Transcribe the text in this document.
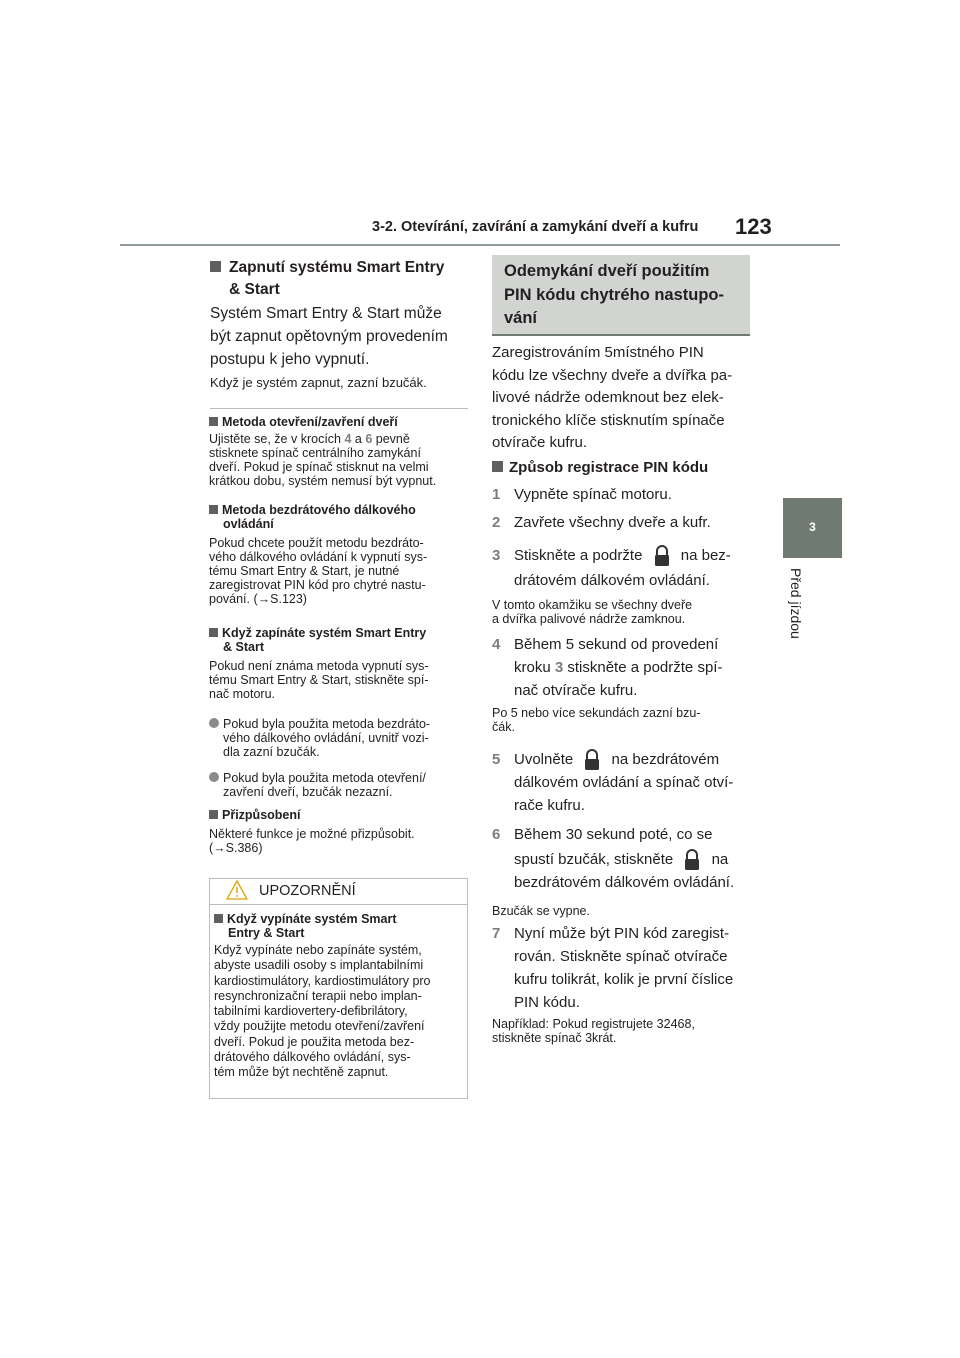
3-2. Otevírání, zavírání a zamykání dveří a kufru 123
3
Před jízdou
Zapnutí systému Smart Entry
& Start
Systém Smart Entry & Start může
být zapnut opětovným provedením
postupu k jeho vypnutí.
Když je systém zapnut, zazní bzučák.
Metoda otevření/zavření dveří
Ujistěte se, že v krocích 4 a 6 pevně
stisknete spínač centrálního zamykání
dveří. Pokud je spínač stisknut na velmi
krátkou dobu, systém nemusí být vypnut.
Metoda bezdrátového dálkového
ovládání
Pokud chcete použít metodu bezdráto-
vého dálkového ovládání k vypnutí sys-
tému Smart Entry & Start, je nutné
zaregistrovat PIN kód pro chytré nastu-
pování. (→S.123)
Když zapínáte systém Smart Entry
& Start
Pokud není známa metoda vypnutí sys-
tému Smart Entry & Start, stiskněte spí-
nač motoru.
Pokud byla použita metoda bezdráto-
vého dálkového ovládání, uvnitř vozi-
dla zazní bzučák.
Pokud byla použita metoda otevření/
zavření dveří, bzučák nezazní.
Přizpůsobení
Některé funkce je možné přizpůsobit.
(→S.386)
UPOZORNĚNÍ
Když vypínáte systém Smart
Entry & Start
Když vypínáte nebo zapínáte systém,
abyste usadili osoby s implantabilními
kardiostimulátory, kardiostimulátory pro
resynchronizační terapii nebo implan-
tabilními kardiovertery-defibrilátory,
vždy použijte metodu otevření/zavření
dveří. Pokud je použita metoda bez-
drátového dálkového ovládání, sys-
tém může být nechtěně zapnut.
Odemykání dveří použitím
PIN kódu chytrého nastupo-
vání
Zaregistrováním 5místného PIN
kódu lze všechny dveře a dvířka pa-
livové nádrže odemknout bez elek-
tronického klíče stisknutím spínače
otvírače kufru.
Způsob registrace PIN kódu
1 Vypněte spínač motoru.
2 Zavřete všechny dveře a kufr.
3 Stiskněte a podržte	na bez-
drátovém dálkovém ovládání.
V tomto okamžiku se všechny dveře
a dvířka palivové nádrže zamknou.
4 Během 5 sekund od provedení
kroku 3 stiskněte a podržte spí-
nač otvírače kufru.
Po 5 nebo více sekundách zazní bzu-
čák.
5 Uvolněte	na bezdrátovém
dálkovém ovládání a spínač otví-
rače kufru.
6 Během 30 sekund poté, co se
spustí bzučák, stiskněte	na
bezdrátovém dálkovém ovládání.
Bzučák se vypne.
7 Nyní může být PIN kód zaregist-
rován. Stiskněte spínač otvírače
kufru tolikrát, kolik je první číslice
PIN kódu.
Například: Pokud registrujete 32468,
stiskněte spínač 3krát.
